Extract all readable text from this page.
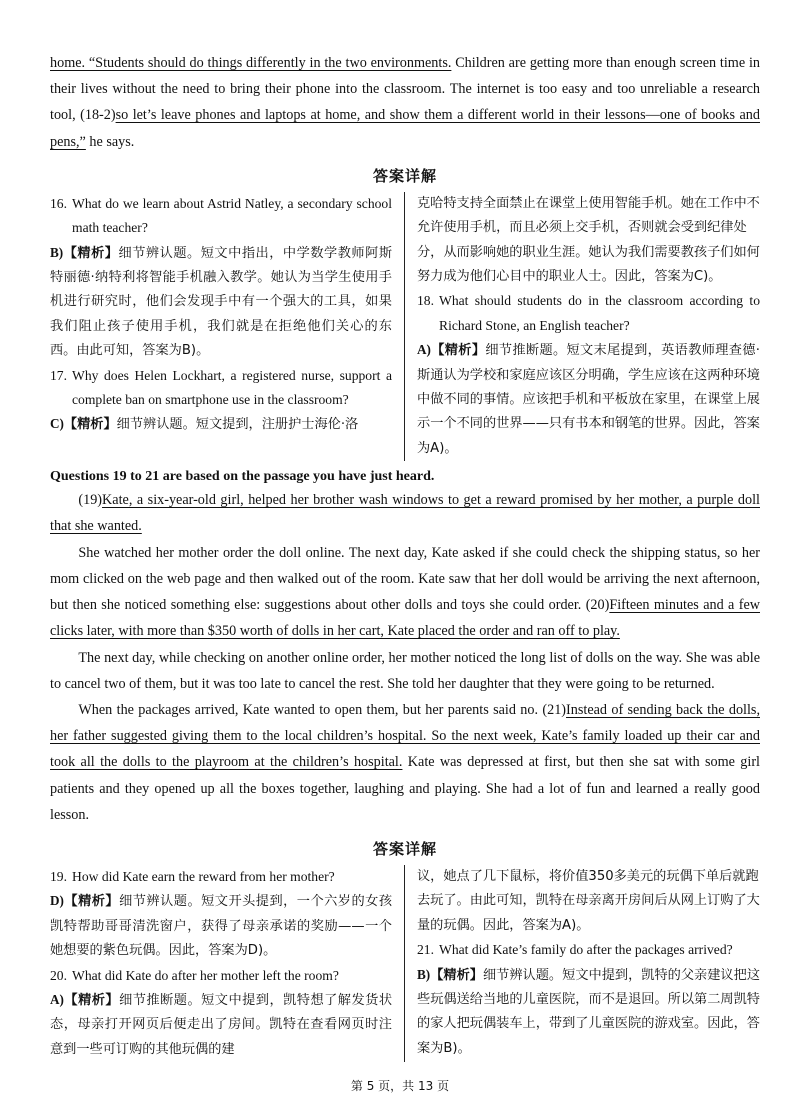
home. “Students should do things differently in the two environments. Children are getting more than enough screen time in their lives without the need to bring their phone into the classroom. The internet is too easy and too unreliable a research tool, (18-2)so let’s leave phones and laptops at home, and show them a different world in their lessons—one of books and pens,” he says.

答案详解
16. What do we learn about Astrid Natley, a secondary school math teacher?
B)【精析】细节辨认题。短文中指出，中学数学教师阿斯特丽德·纳特利将智能手机融入教学。她认为当学生使用手机进行研究时，他们会发现手中有一个强大的工具，如果我们阻止孩子使用手机，我们就是在拒绝他们关心的东西。由此可知，答案为B)。
17. Why does Helen Lockhart, a registered nurse, support a complete ban on smartphone use in the classroom?
C)【精析】细节辨认题。短文提到，注册护士海伦·洛
克哈特支持全面禁止在课堂上使用智能手机。她在工作中不允许使用手机，而且必须上交手机，否则就会受到纪律处分，从而影响她的职业生涯。她认为我们需要教孩子们如何努力成为他们心目中的职业人士。因此，答案为C)。
18. What should students do in the classroom according to Richard Stone, an English teacher?
A)【精析】细节推断题。短文末尾提到，英语教师理查德·斯通认为学校和家庭应该区分明确，学生应该在这两种环境中做不同的事情。应该把手机和平板放在家里，在课堂上展示一个不同的世界——只有书本和钢笔的世界。因此，答案为A)。
Questions 19 to 21 are based on the passage you have just heard.

(19)Kate, a six-year-old girl, helped her brother wash windows to get a reward promised by her mother, a purple doll that she wanted.

She watched her mother order the doll online. The next day, Kate asked if she could check the shipping status, so her mom clicked on the web page and then walked out of the room. Kate saw that her doll would be arriving the next afternoon, but then she noticed something else: suggestions about other dolls and toys she could order. (20)Fifteen minutes and a few clicks later, with more than $350 worth of dolls in her cart, Kate placed the order and ran off to play.

The next day, while checking on another online order, her mother noticed the long list of dolls on the way. She was able to cancel two of them, but it was too late to cancel the rest. She told her daughter that they were going to be returned.

When the packages arrived, Kate wanted to open them, but her parents said no. (21)Instead of sending back the dolls, her father suggested giving them to the local children’s hospital. So the next week, Kate’s family loaded up their car and took all the dolls to the playroom at the children’s hospital. Kate was depressed at first, but then she sat with some girl patients and they opened up all the boxes together, laughing and playing. She had a lot of fun and learned a really good lesson.

答案详解
19. How did Kate earn the reward from her mother?
D)【精析】细节辨认题。短文开头提到，一个六岁的女孩凯特帮助哥哥清洗窗户，获得了母亲承诺的奖励——一个她想要的紫色玩偶。因此，答案为D)。
20. What did Kate do after her mother left the room?
A)【精析】细节推断题。短文中提到，凯特想了解发货状态，母亲打开网页后便走出了房间。凯特在查看网页时注意到一些可订购的其他玩偶的建
议，她点了几下鼠标，将价值350多美元的玩偶下单后就跑去玩了。由此可知，凯特在母亲离开房间后从网上订购了大量的玩偶。因此，答案为A)。
21. What did Kate’s family do after the packages arrived?
B)【精析】细节辨认题。短文中提到，凯特的父亲建议把这些玩偶送给当地的儿童医院，而不是退回。所以第二周凯特的家人把玩偶装车上，带到了儿童医院的游戏室。因此，答案为B)。
第 5 页，共 13 页
